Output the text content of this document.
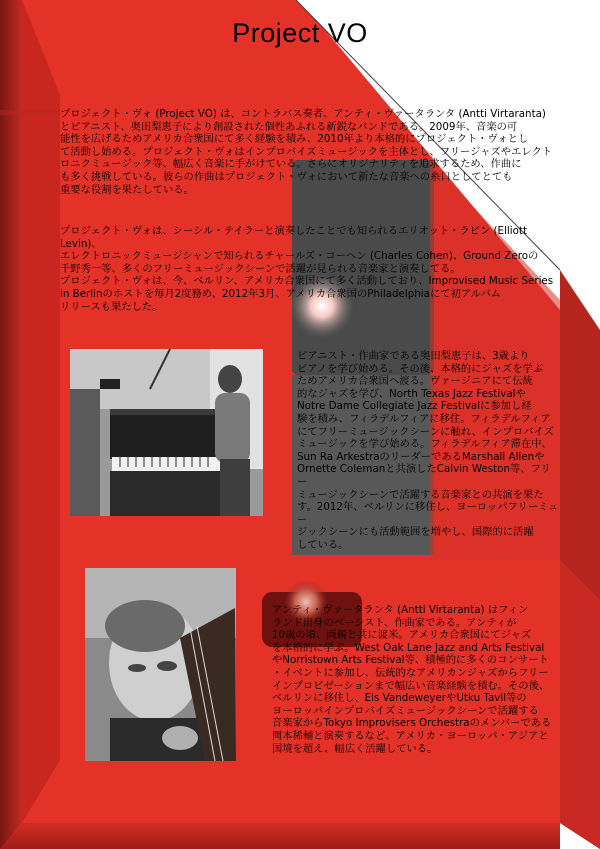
Project VO
プロジェクト・ヴォ (Project VO) は、コントラバス奏者、アンティ・ヴァータランタ (Antti Virtaranta)
とピアニスト、奥田梨恵子により創設された個性あふれる新鋭なバンドである。2009年、音楽の可
能性を広げるためアメリカ合衆国にて多く経験を積み、2010年より本格的にプロジェクト・ヴォとし
て活動し始める。プロジェクト・ヴォはインプロバイズミュージックを主体とし、フリージャズやエレクト
ロニクミュージック等、幅広く音楽に手がけている。さらにオリジナリティを追求するため、作曲に
も多く挑戦している。彼らの作曲はプロジェクト・ヴォにおいて新たな音楽への糸口としてとても
重要な役割を果たしている。
プロジェクト・ヴォは、シーシル・テイラーと演奏したことでも知られるエリオット・ラビン (Elliott Levin)、
エレクトロニックミュージシャンで知られるチャールズ・コーヘン (Charles Cohen)、Ground Zeroの
千野秀一等、多くのフリーミュージックシーンで活躍が見られる音楽家と演奏してる。
プロジェクト・ヴォは、今、ベルリン、アメリカ合衆国にて多く活動しており、Improvised Music Series
in Berlinのホストを毎月2度務め、2012年3月、アメリカ合衆国のPhiladelphiaにて初アルバム
リリースも果たした。
ピアニスト・作曲家である奥田梨恵子は、3歳より
ピアノを学び始める。その後、本格的にジャズを学ぶ
ためアメリカ合衆国へ渡る。ヴァージニアにて伝統
的なジャズを学び、North Texas Jazz Festivalや
Notre Dame Collegiate Jazz Festivalに参加し経
験を積み、フィラデルフィアに移住。フィラデルフィア
にてフリーミュージックシーンに触れ、インプロバイズ
ミュージックを学び始める。フィラデルフィア滞在中、
Sun Ra ArkestraのリーダーであるMarshall Allenや
Ornette Colemanと共演したCalvin Weston等、フリー
ミュージックシーンで活躍する音楽家との共演を果た
す。2012年、ベルリンに移住し、ヨーロッパフリーミュー
ジックシーンにも活動範囲を増やし、国際的に活躍
している。
アンティ・ヴァータランタ (Antti Virtaranta) はフィン
ランド出身のベーシスト、作曲家である。アンティが
10歳の頃、両親と共に渡米。アメリカ合衆国にてジャズ
を本格的に学ぶ。West Oak Lane Jazz and Arts Festival
やNorristown Arts Festival等、積極的に多くのコンサート
・イベントに参加し、伝統的なアメリカンジャズからフリー
インプロビゼーションまで幅広い音楽経験を積む。その後、
ベルリンに移住し、Els VandeweyerやUtku Tavil等の
ヨーロッパインプロバイズミュージックシーンで活躍する
音楽家からTokyo Improvisers Orchestraのメンバーである
岡本稀輔と演奏するなど、アメリカ・ヨーロッパ・アジアと
国境を超え、幅広く活躍している。
